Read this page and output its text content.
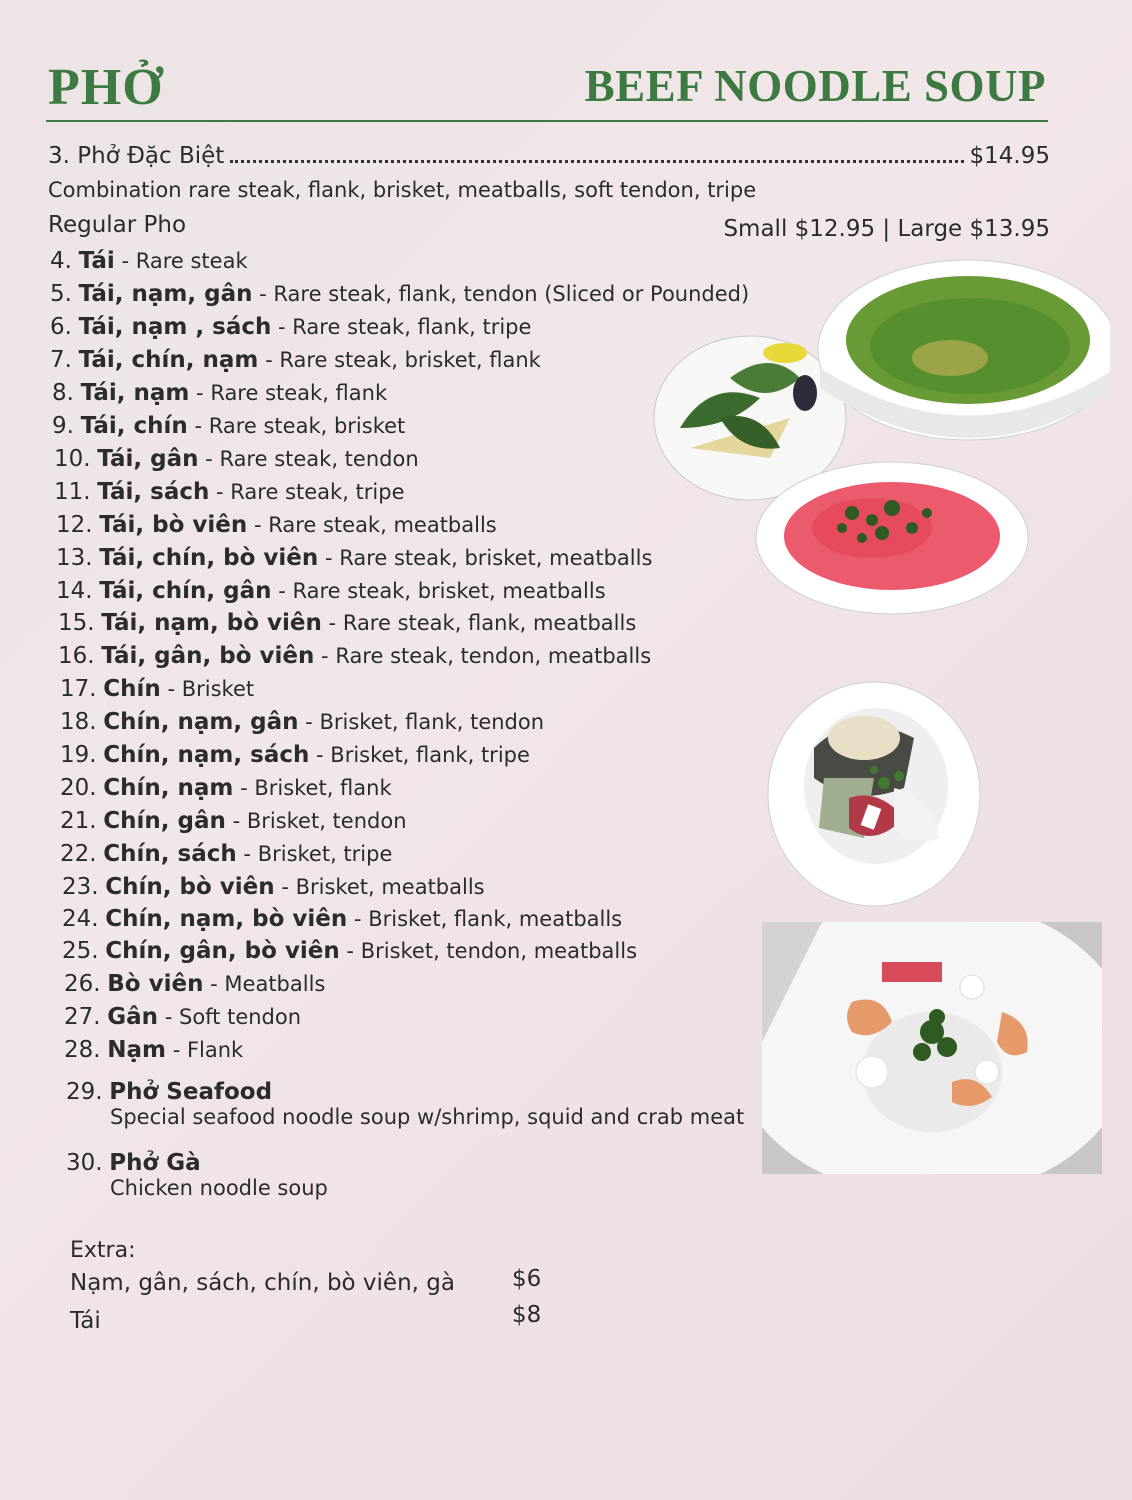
PHỞ	BEEF NOODLE SOUP
3.
Phở Đặc Biệt	$14.95
Combination rare steak, flank, brisket, meatballs, soft tendon, tripe
Regular Pho	Small $12.95 | Large $13.95
4. Tái - Rare steak
5. Tái, nạm, gân - Rare steak, flank, tendon (Sliced or Pounded)
6. Tái, nạm , sách - Rare steak, flank, tripe
7. Tái, chín, nạm - Rare steak, brisket, flank
8. Tái, nạm - Rare steak, flank
9. Tái, chín - Rare steak, brisket
10. Tái, gân - Rare steak, tendon
11. Tái, sách - Rare steak, tripe
12. Tái, bò viên - Rare steak, meatballs
13. Tái, chín, bò viên - Rare steak, brisket, meatballs
14. Tái, chín, gân - Rare steak, brisket, meatballs
15. Tái, nạm, bò viên - Rare steak, flank, meatballs
16. Tái, gân, bò viên - Rare steak, tendon, meatballs
17. Chín - Brisket
18. Chín, nạm, gân - Brisket, flank, tendon
19. Chín, nạm, sách - Brisket, flank, tripe
20. Chín, nạm - Brisket, flank
21. Chín, gân - Brisket, tendon
22. Chín, sách - Brisket, tripe
23. Chín, bò viên - Brisket, meatballs
24. Chín, nạm, bò viên - Brisket, flank, meatballs
25. Chín, gân, bò viên - Brisket, tendon, meatballs
26. Bò viên - Meatballs
27. Gân - Soft tendon
28. Nạm - Flank
29. Phở Seafood
Special seafood noodle soup w/shrimp, squid and crab meat
30. Phở Gà
Chicken noodle soup
Extra:
Nạm, gân, sách, chín, bò viên, gà $6
Tái	$8
